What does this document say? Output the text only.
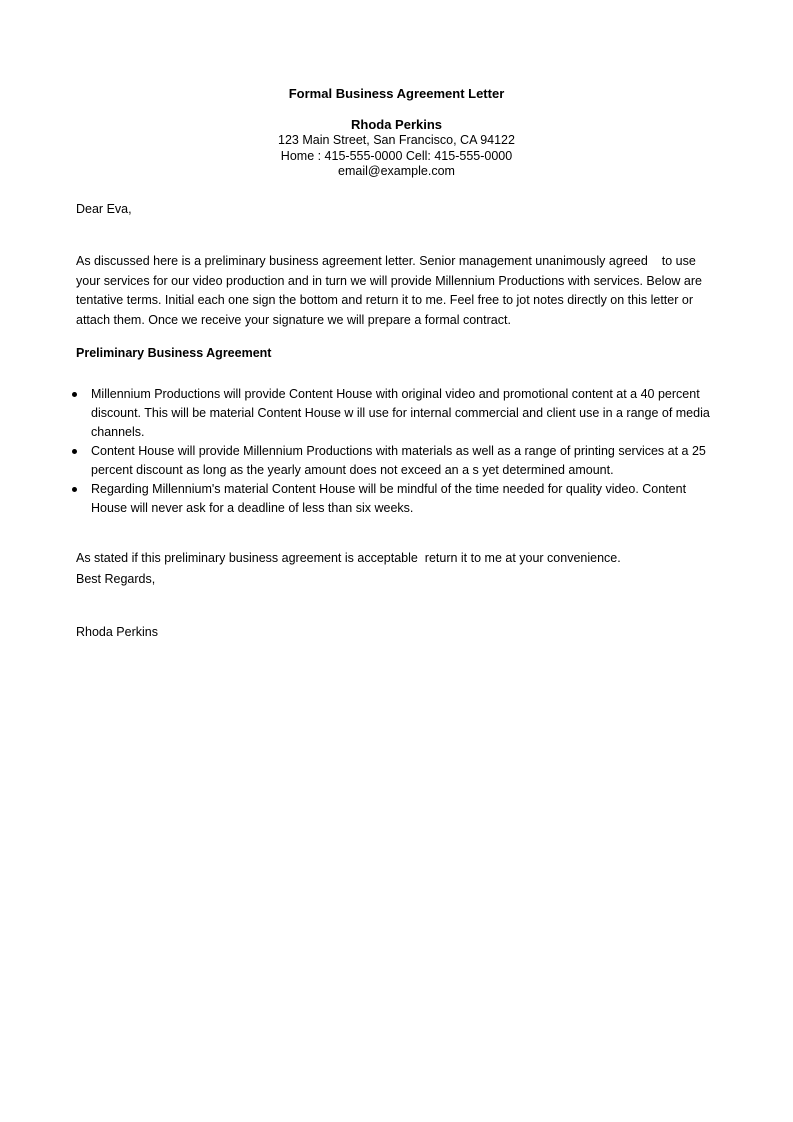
Formal Business Agreement Letter
Rhoda Perkins
123 Main Street, San Francisco, CA 94122
Home : 415-555-0000 Cell: 415-555-0000
email@example.com
Dear Eva,
As discussed here is a preliminary business agreement letter. Senior management unanimously agreed    to use your services for our video production and in turn we will provide Millennium Productions with services. Below are tentative terms. Initial each one sign the bottom and return it to me. Feel free to jot notes directly on this letter or attach them. Once we receive your signature we will prepare a formal contract.
Preliminary Business Agreement
Millennium Productions will provide Content House with original video and promotional content at a 40 percent discount. This will be material Content House w ill use for internal commercial and client use in a range of media channels.
Content House will provide Millennium Productions with materials as well as a range of printing services at a 25 percent discount as long as the yearly amount does not exceed an a s yet determined amount.
Regarding Millennium's material Content House will be mindful of the time needed for quality video. Content House will never ask for a deadline of less than six weeks.
As stated if this preliminary business agreement is acceptable  return it to me at your convenience.
Best Regards,
Rhoda Perkins
